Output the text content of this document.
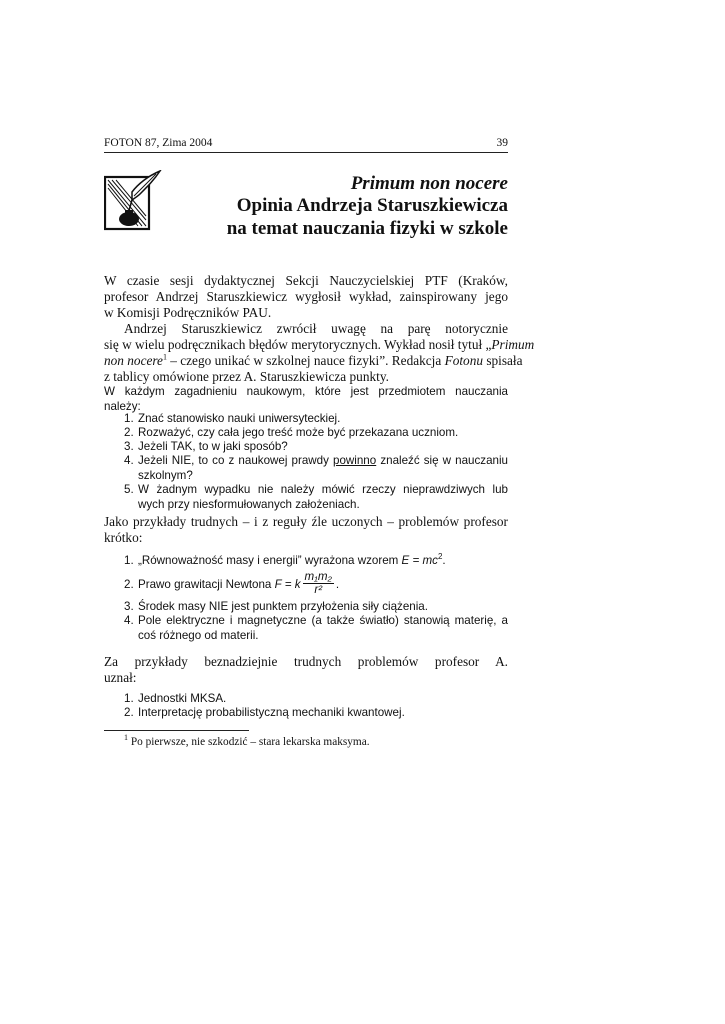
FOTON 87, Zima 2004	39
Primum non nocere
Opinia Andrzeja Staruszkiewicza
na temat nauczania fizyki w szkole
W czasie sesji dydaktycznej Sekcji Nauczycielskiej PTF (Kraków,
profesor Andrzej Staruszkiewicz wygłosił wykład, zainspirowany jego
w Komisji Podręczników PAU.
Andrzej Staruszkiewicz zwrócił uwagę na parę notorycznie
się w wielu podręcznikach błędów merytorycznych. Wykład nosił tytuł „Primum
non nocere$^1$ – czego unikać w szkolnej nauce fizyki”. Redakcja Fotonu spisała
z tablicy omówione przez A. Staruszkiewicza punkty.
W każdym zagadnieniu naukowym, które jest przedmiotem nauczania
należy:
1. Znać stanowisko nauki uniwersyteckiej.
2. Rozważyć, czy cała jego treść może być przekazana uczniom.
3. Jeżeli TAK, to w jaki sposób?
4. Jeżeli NIE, to co z naukowej prawdy powinno znaleźć się w nauczaniu
szkolnym?
5. W żadnym wypadku nie należy mówić rzeczy nieprawdziwych lub
wych przy niesformułowanych założeniach.
Jako przykłady trudnych – i z reguły źle uczonych – problemów profesor
krótko:
1. „Równoważność masy i energii” wyrażona wzorem $E = mc^2$.
2. Prawo grawitacji Newtona F = k $\frac{\text{m₁m₂}}{\text{r²}}$ .
3. Środek masy NIE jest punktem przyłożenia siły ciążenia.
4. Pole elektryczne i magnetyczne (a także światło) stanowią materię, a
coś różnego od materii.
Za przykłady beznadziejnie trudnych problemów profesor A.
uznał:
1. Jednostki MKSA.
2. Interpretację probabilistyczną mechaniki kwantowej.
$^1$ Po pierwsze, nie szkodzić – stara lekarska maksyma.
